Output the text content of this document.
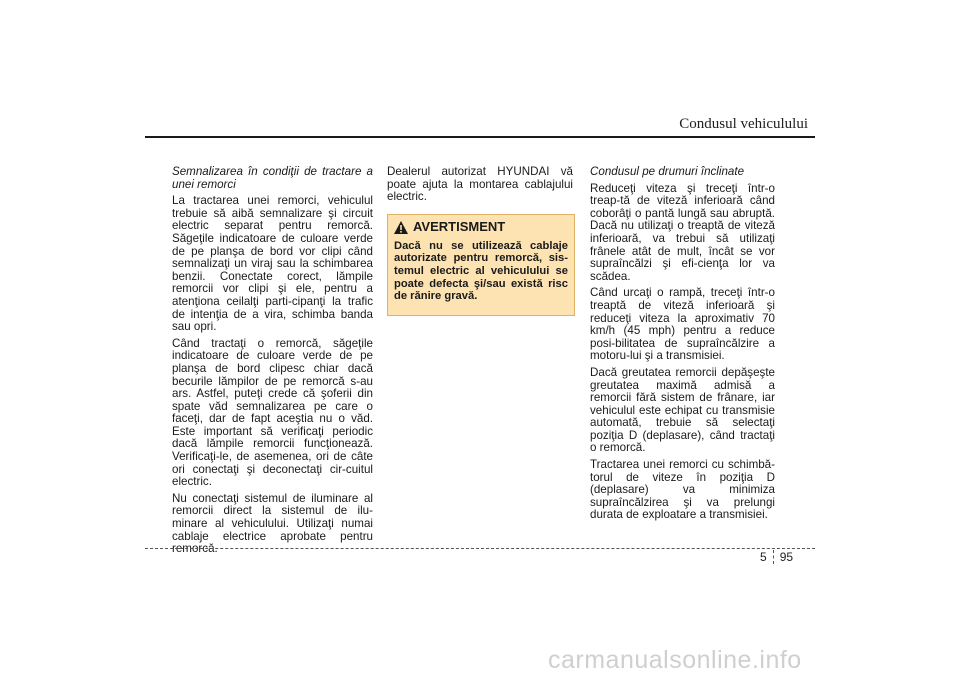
Condusul vehiculului

Semnalizarea în condiţii de tractare a unei remorci

La tractarea unei remorci, vehiculul trebuie să aibă semnalizare şi circuit electric separat pentru remorcă. Săgeţile indicatoare de culoare verde de pe planşa de bord vor clipi când semnalizaţi un viraj sau la schimbarea benzii. Conectate corect, lămpile remorcii vor clipi şi ele, pentru a atenţiona ceilalţi parti-cipanţi la trafic de intenţia de a vira, schimba banda sau opri.

Când tractaţi o remorcă, săgeţile indicatoare de culoare verde de pe planşa de bord clipesc chiar dacă becurile lămpilor de pe remorcă s-au ars. Astfel, puteţi crede că şoferii din spate văd semnalizarea pe care o faceţi, dar de fapt aceştia nu o văd. Este important să verificaţi periodic dacă lămpile remorcii funcţionează. Verificaţi-le, de asemenea, ori de câte ori conectaţi şi deconectaţi cir-cuitul electric.

Nu conectaţi sistemul de iluminare al remorcii direct la sistemul de ilu-minare al vehiculului. Utilizaţi numai cablaje electrice aprobate pentru remorcă.

Dealerul autorizat HYUNDAI vă poate ajuta la montarea cablajului electric.

AVERTISMENT

Dacă nu se utilizează cablaje autorizate pentru remorcă, sis-temul electric al vehiculului se poate defecta şi/sau există risc de rănire gravă.

Condusul pe drumuri înclinate

Reduceţi viteza şi treceţi într-o treap-tă de viteză inferioară când coborâţi o pantă lungă sau abruptă. Dacă nu utilizaţi o treaptă de viteză inferioară, va trebui să utilizaţi frânele atât de mult, încât se vor supraîncălzi şi efi-cienţa lor va scădea.

Când urcaţi o rampă, treceţi într-o treaptă de viteză inferioară şi reduceţi viteza la aproximativ 70 km/h (45 mph) pentru a reduce posi-bilitatea de supraîncălzire a motoru-lui şi a transmisiei.

Dacă greutatea remorcii depăşeşte greutatea maximă admisă a remorcii fără sistem de frânare, iar vehiculul este echipat cu transmisie automată, trebuie să selectaţi poziţia D (deplasare), când tractaţi o remorcă.

Tractarea unei remorci cu schimbă-torul de viteze în poziţia D (deplasare) va minimiza supraîncălzirea şi va prelungi durata de exploatare a transmisiei.

5 95
carmanualsonline.info
